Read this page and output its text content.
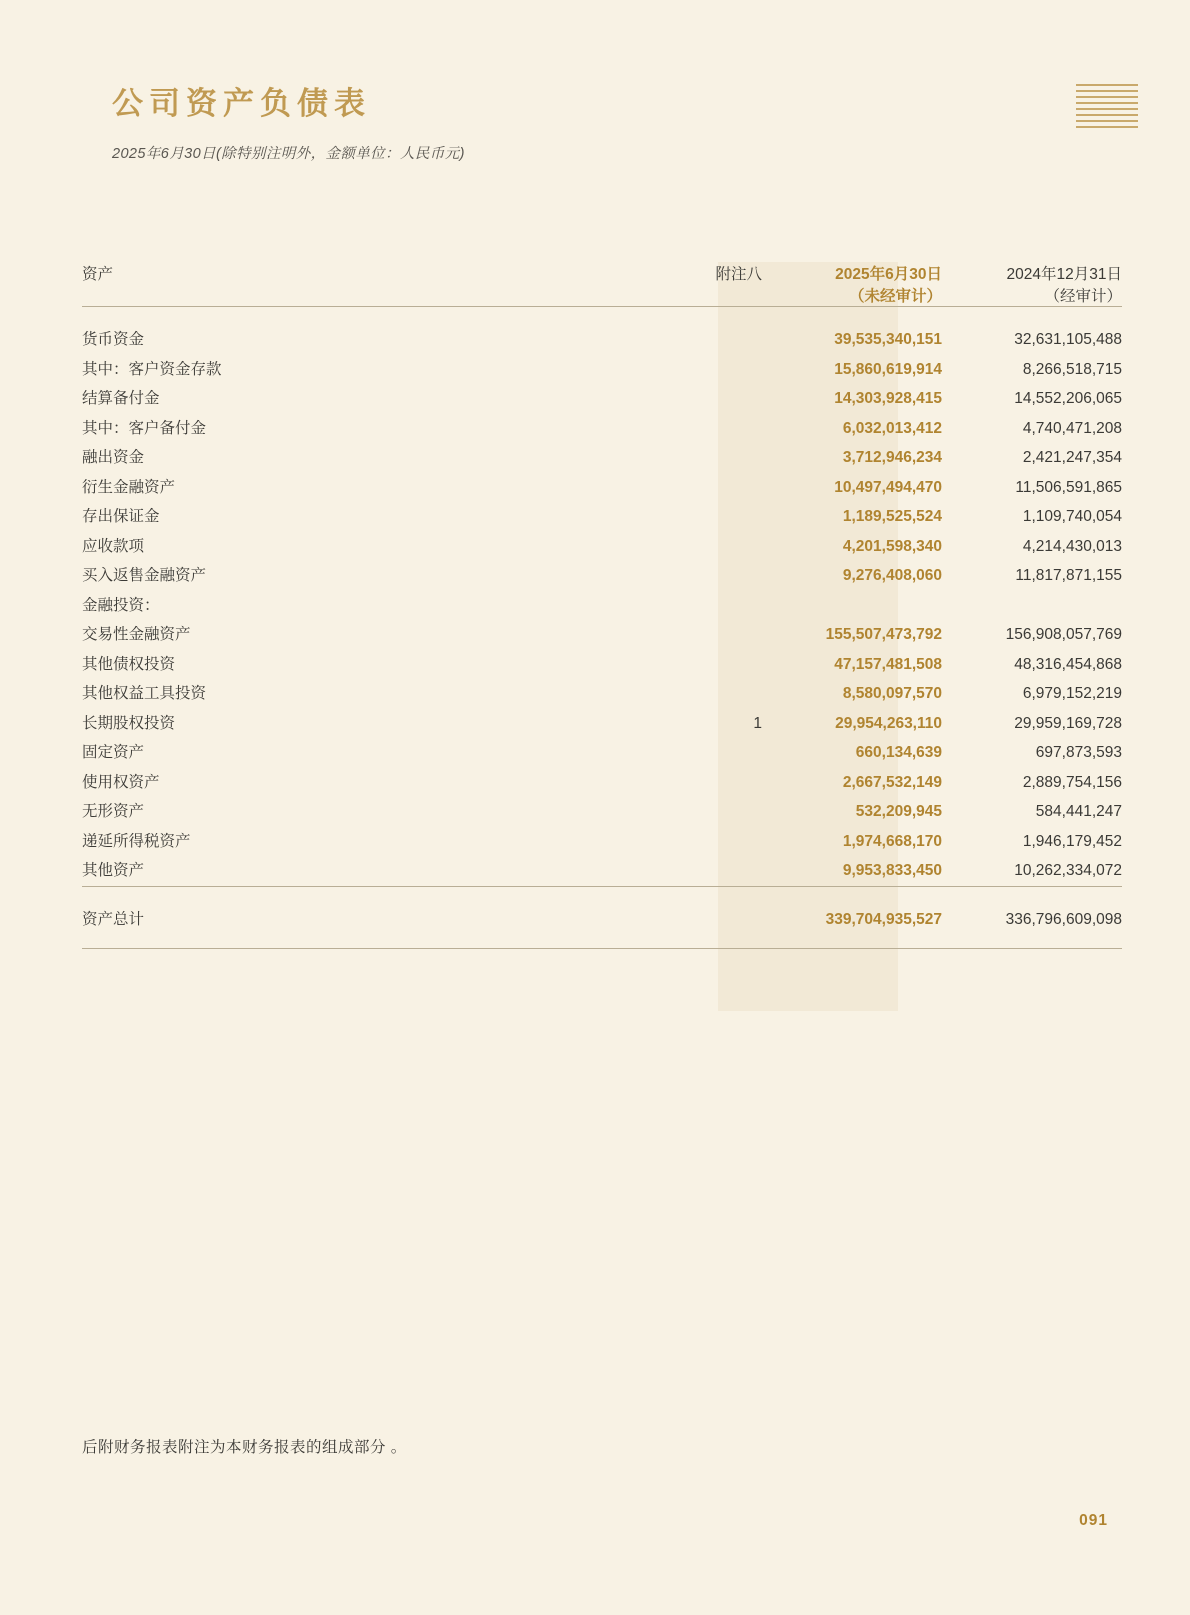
公司资产负债表
2025年6月30日(除特别注明外，金额单位：人民币元)
资产	附注八	2025年6月30日	2024年12月31日
		（未经审计）	（经审计）

货币资金		39,535,340,151	32,631,105,488
其中：客户资金存款		15,860,619,914	8,266,518,715
结算备付金		14,303,928,415	14,552,206,065
其中：客户备付金		6,032,013,412	4,740,471,208
融出资金		3,712,946,234	2,421,247,354
衍生金融资产		10,497,494,470	11,506,591,865
存出保证金		1,189,525,524	1,109,740,054
应收款项		4,201,598,340	4,214,430,013
买入返售金融资产		9,276,408,060	11,817,871,155
金融投资：			
交易性金融资产		155,507,473,792	156,908,057,769
其他债权投资		47,157,481,508	48,316,454,868
其他权益工具投资		8,580,097,570	6,979,152,219
长期股权投资	1	29,954,263,110	29,959,169,728
固定资产		660,134,639	697,873,593
使用权资产		2,667,532,149	2,889,754,156
无形资产		532,209,945	584,441,247
递延所得税资产		1,974,668,170	1,946,179,452
其他资产		9,953,833,450	10,262,334,072

资产总计		339,704,935,527	336,796,609,098

后附财务报表附注为本财务报表的组成部分 。
091
